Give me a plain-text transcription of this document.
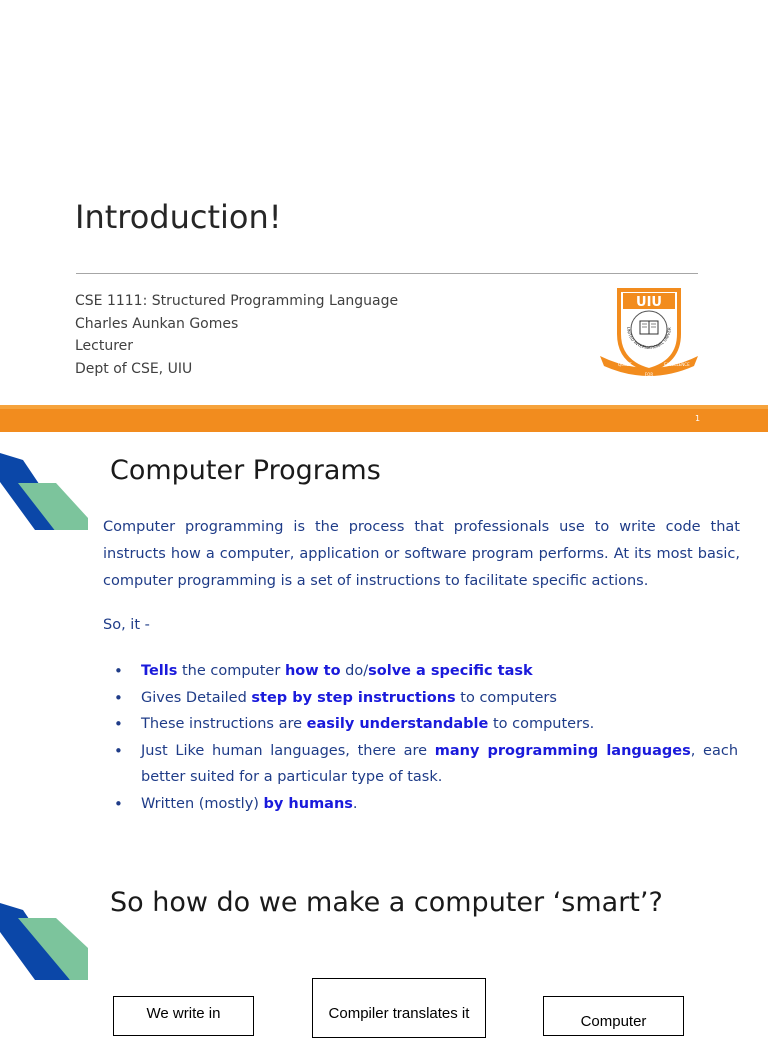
Introduction!
CSE 1111: Structured Programming Language
Charles Aunkan Gomes
Lecturer
Dept of CSE, UIU
UIU
UNITED INTERNATIONAL UNIVER
QUEST
FOR
EXCELLENCE
1
Computer Programs
Computer programming is the process that professionals use to write code that instructs how a computer, application or software program performs. At its most basic, computer programming is a set of instructions to facilitate specific actions.
So, it -
• Tells the computer how to do/solve a specific task
• Gives Detailed step by step instructions to computers
• These instructions are easily understandable to computers.
• Just Like human languages, there are many programming languages, each better suited for a particular type of task.
• Written (mostly) by humans.
So how do we make a computer ‘smart’?
We write in	Compiler translates it	Computer
